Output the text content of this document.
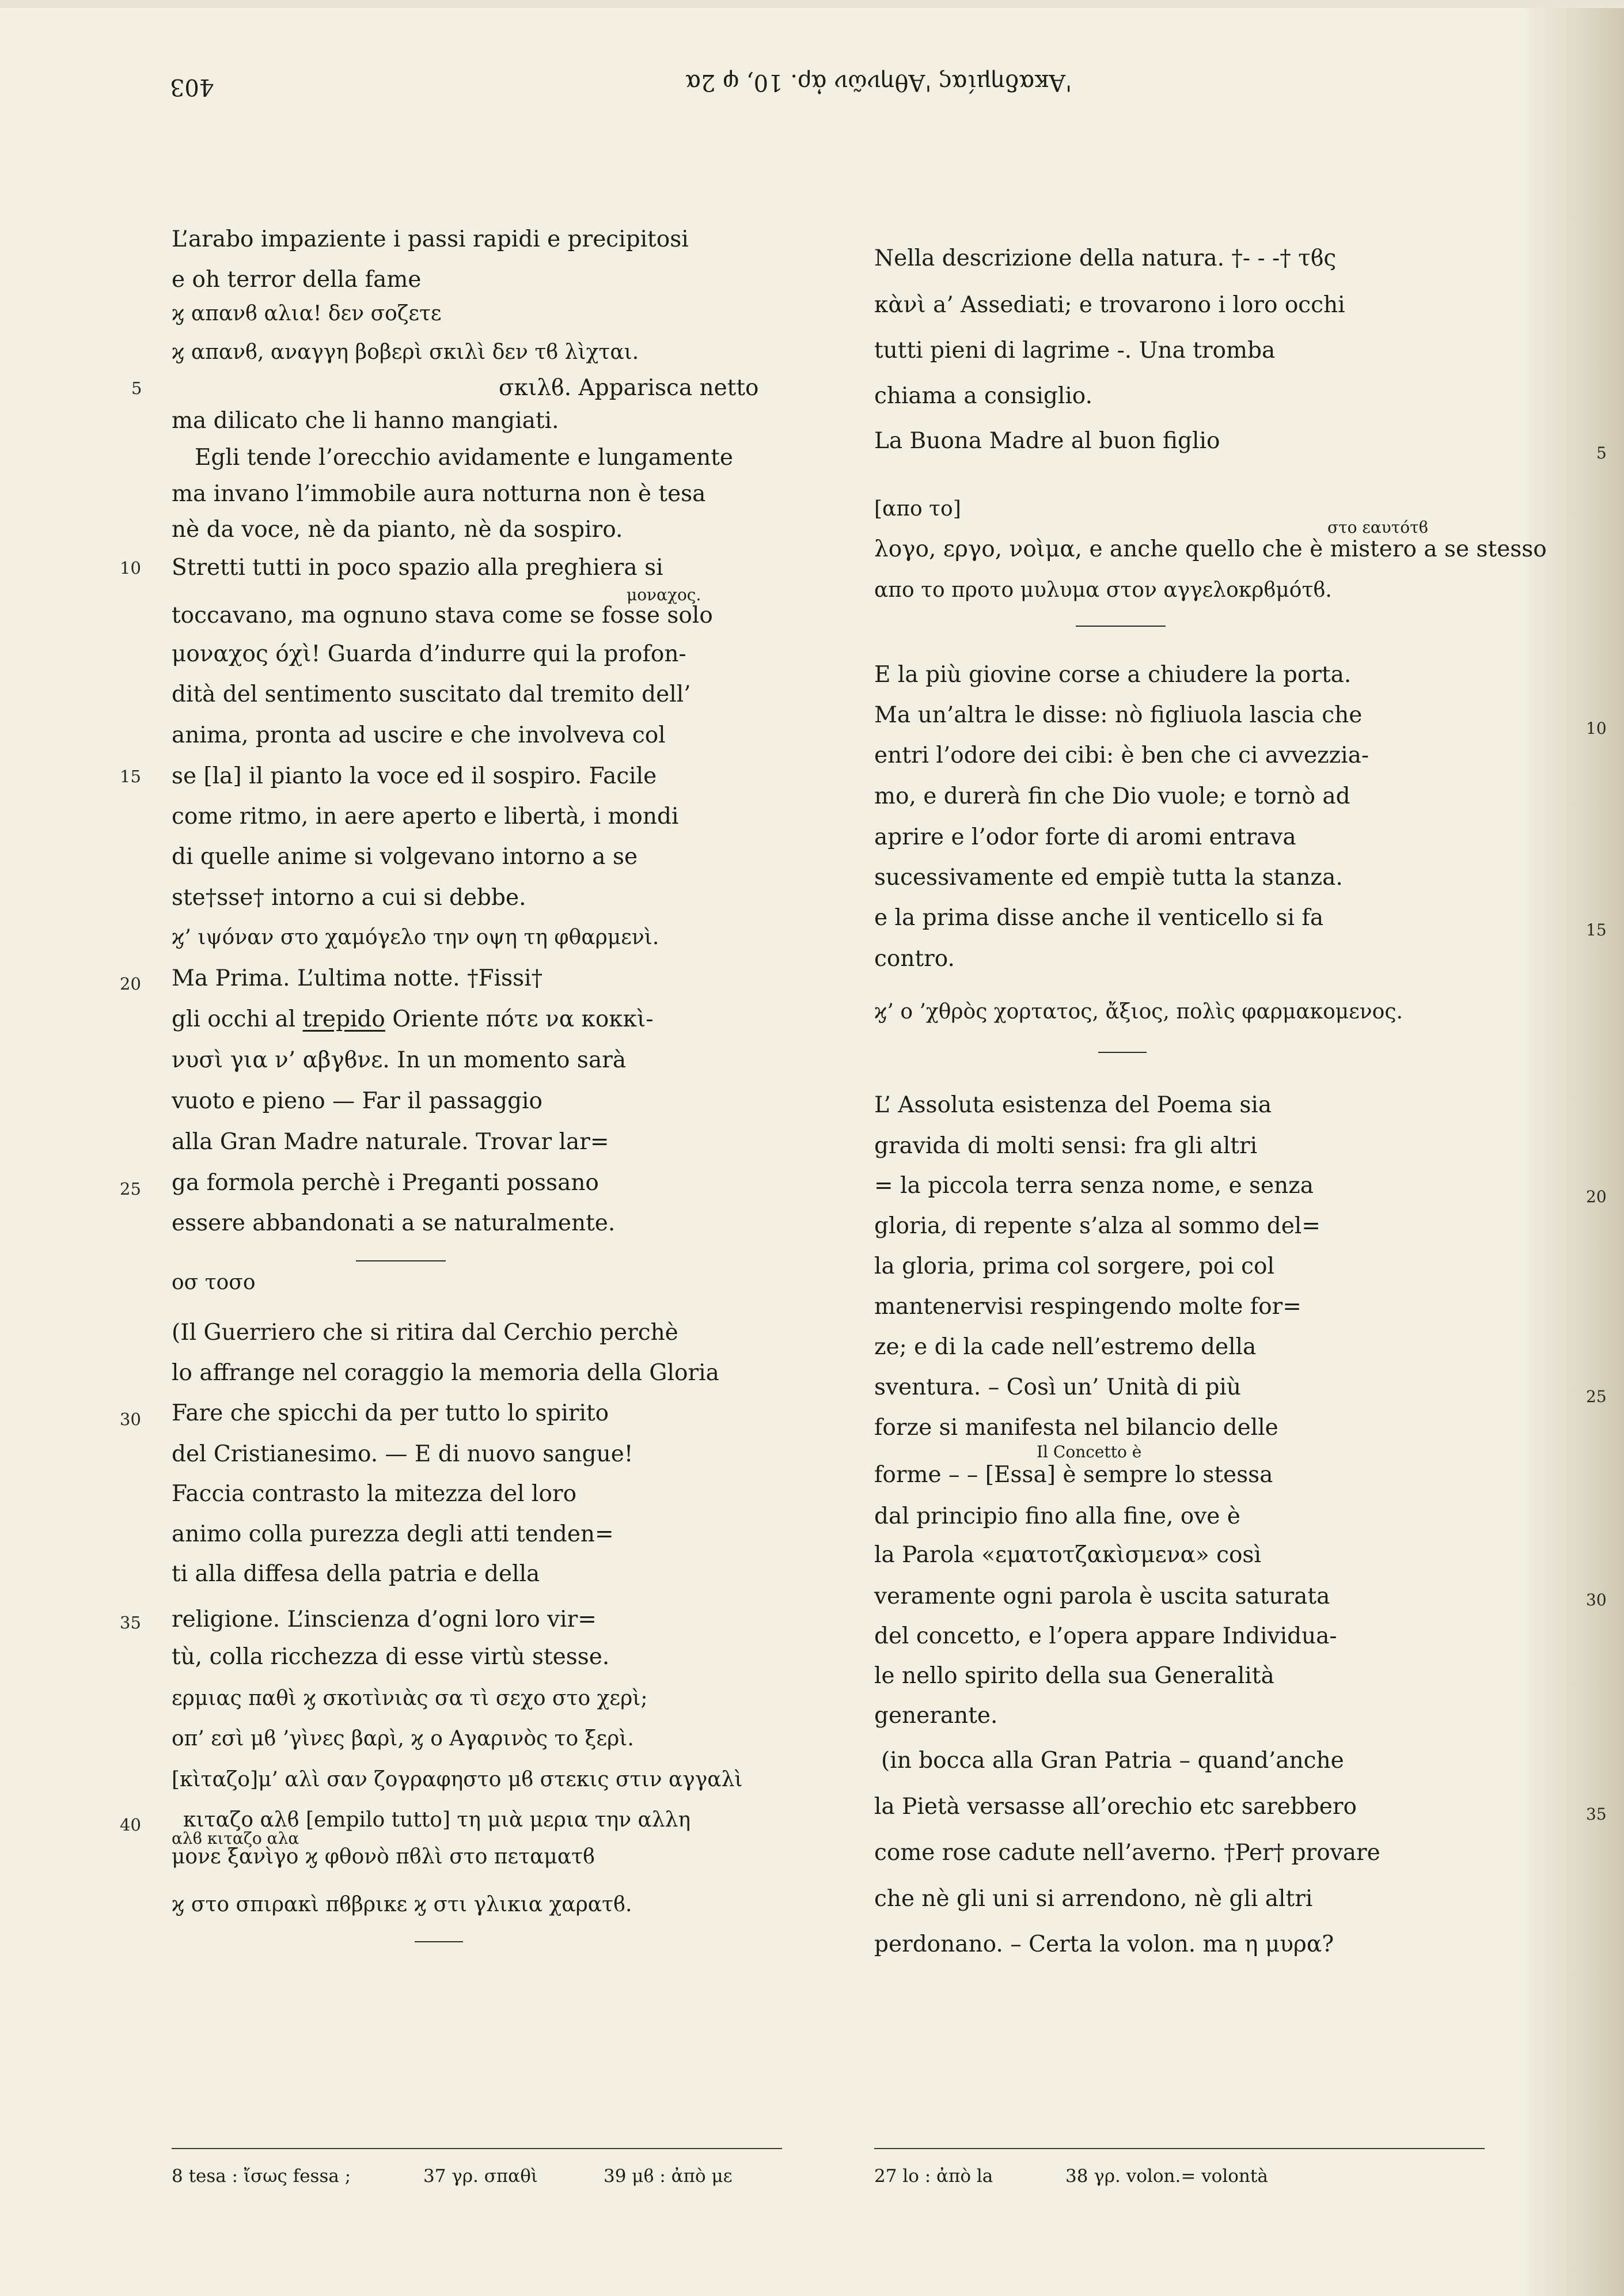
403	'Ακαδημίας 'Αθηνῶν ἀρ. 10, φ 2α
L’arabo impaziente i passi rapidi e precipitosi
e oh terror della fame
ϗ απανϐ αλια! δεν σοζετε
ϗ απανϐ, αναγγη βοβερὶ σκιλὶ δεν τϐ λὶχται.
σκιλϐ. Apparisca netto
ma dilicato che li hanno mangiati.
Egli tende l’orecchio avidamente e lungamente
ma invano l’immobile aura notturna non è tesa
nè da voce, nè da pianto, nè da sospiro.
Stretti tutti in poco spazio alla preghiera si
μοναχος.
toccavano, ma ognuno stava come se fosse solo
μοναχος όχὶ! Guarda d’indurre qui la profon-
dità del sentimento suscitato dal tremito dell’
anima, pronta ad uscire e che involveva col
se [la] il pianto la voce ed il sospiro. Facile
come ritmo, in aere aperto e libertà, i mondi
di quelle anime si volgevano intorno a se
ste†sse† intorno a cui si debbe.
ϗ’ ιψόναν στο χαμόγελο την οψη τη φθαρμενὶ.
Ma Prima. L’ultima notte. †Fissi†
gli occhi al trepido Oriente πότε να κοκκὶ-
νυσὶ για ν’ αβγϐνε. In un momento sarà
vuoto e pieno — Far il passaggio
alla Gran Madre naturale. Trovar lar=
ga formola perchè i Preganti possano
essere abbandonati a se naturalmente.
οσ τοσο
(Il Guerriero che si ritira dal Cerchio perchè
lo affrange nel coraggio la memoria della Gloria
Fare che spicchi da per tutto lo spirito
del Cristianesimo. — E di nuovo sangue!
Faccia contrasto la mitezza del loro
animo colla purezza degli atti tenden=
ti alla diffesa della patria e della
religione. L’inscienza d’ogni loro vir=
tù, colla ricchezza di esse virtù stesse.
ερμιας παθὶ ϗ σκοτὶνιὰς σα τὶ σεχο στο χερὶ;
οπ’ εσὶ μϐ ’γὶνες βαρὶ, ϗ ο Αγαρινὸς το ξερὶ.
[κὶταζο]μ’ αλὶ σαν ζογραφηστο μϐ στεκις στιν αγγαλὶ
κιταζο αλϐ [empilo tutto] τη μιὰ μερια την αλλη
αλϐ κιταζο αλα
μονε ξανὶγο ϗ φθονὸ πϐλὶ στο πεταματϐ
ϗ στο σπιρακὶ πϐβρικε ϗ στι γλικια χαρατϐ.
5
10
15
20
25
30
35
40
Nella descrizione della natura. †- - -† τϐς
κὰνὶ a’ Assediati; e trovarono i loro occhi
tutti pieni di lagrime -. Una tromba
chiama a consiglio.
La Buona Madre al buon figlio
[απο το]
στο εαυτότϐ
λογο, εργο, νοὶμα, e anche quello che è mistero a se stesso
απο το προτο μυλυμα στον αγγελοκρϐμότϐ.
E la più giovine corse a chiudere la porta.
Ma un’altra le disse: nò figliuola lascia che
entri l’odore dei cibi: è ben che ci avvezzia-
mo, e durerà fin che Dio vuole; e tornò ad
aprire e l’odor forte di aromi entrava
sucessivamente ed empiè tutta la stanza.
e la prima disse anche il venticello si fa
contro.
ϗ’ ο ’χθρὸς χορτατος, ἄξιος, πολὶς φαρμακομενος.
L’ Assoluta esistenza del Poema sia
gravida di molti sensi: fra gli altri
= la piccola terra senza nome, e senza
gloria, di repente s’alza al sommo del=
la gloria, prima col sorgere, poi col
mantenervisi respingendo molte for=
ze; e di la cade nell’estremo della
sventura. – Così un’ Unità di più
forze si manifesta nel bilancio delle
Il Concetto è
forme – – [Essa] è sempre lo stessa
dal principio fino alla fine, ove è
la Parola «εματοτζακὶσμενα» così
veramente ogni parola è uscita saturata
del concetto, e l’opera appare Individua-
le nello spirito della sua Generalità
generante.
(in bocca alla Gran Patria – quand’anche
la Pietà versasse all’orechio etc sarebbero
come rose cadute nell’averno. †Per† provare
che nè gli uni si arrendono, nè gli altri
perdonano. – Certa la volon. ma η μυρα?
5
10
15
20
25
30
35
8 tesa : ἴσως fessa ;	37 γρ. σπαθὶ	39 μϐ : ἀπὸ με	27 lo : ἀπὸ la	38 γρ. volon.= volontà
